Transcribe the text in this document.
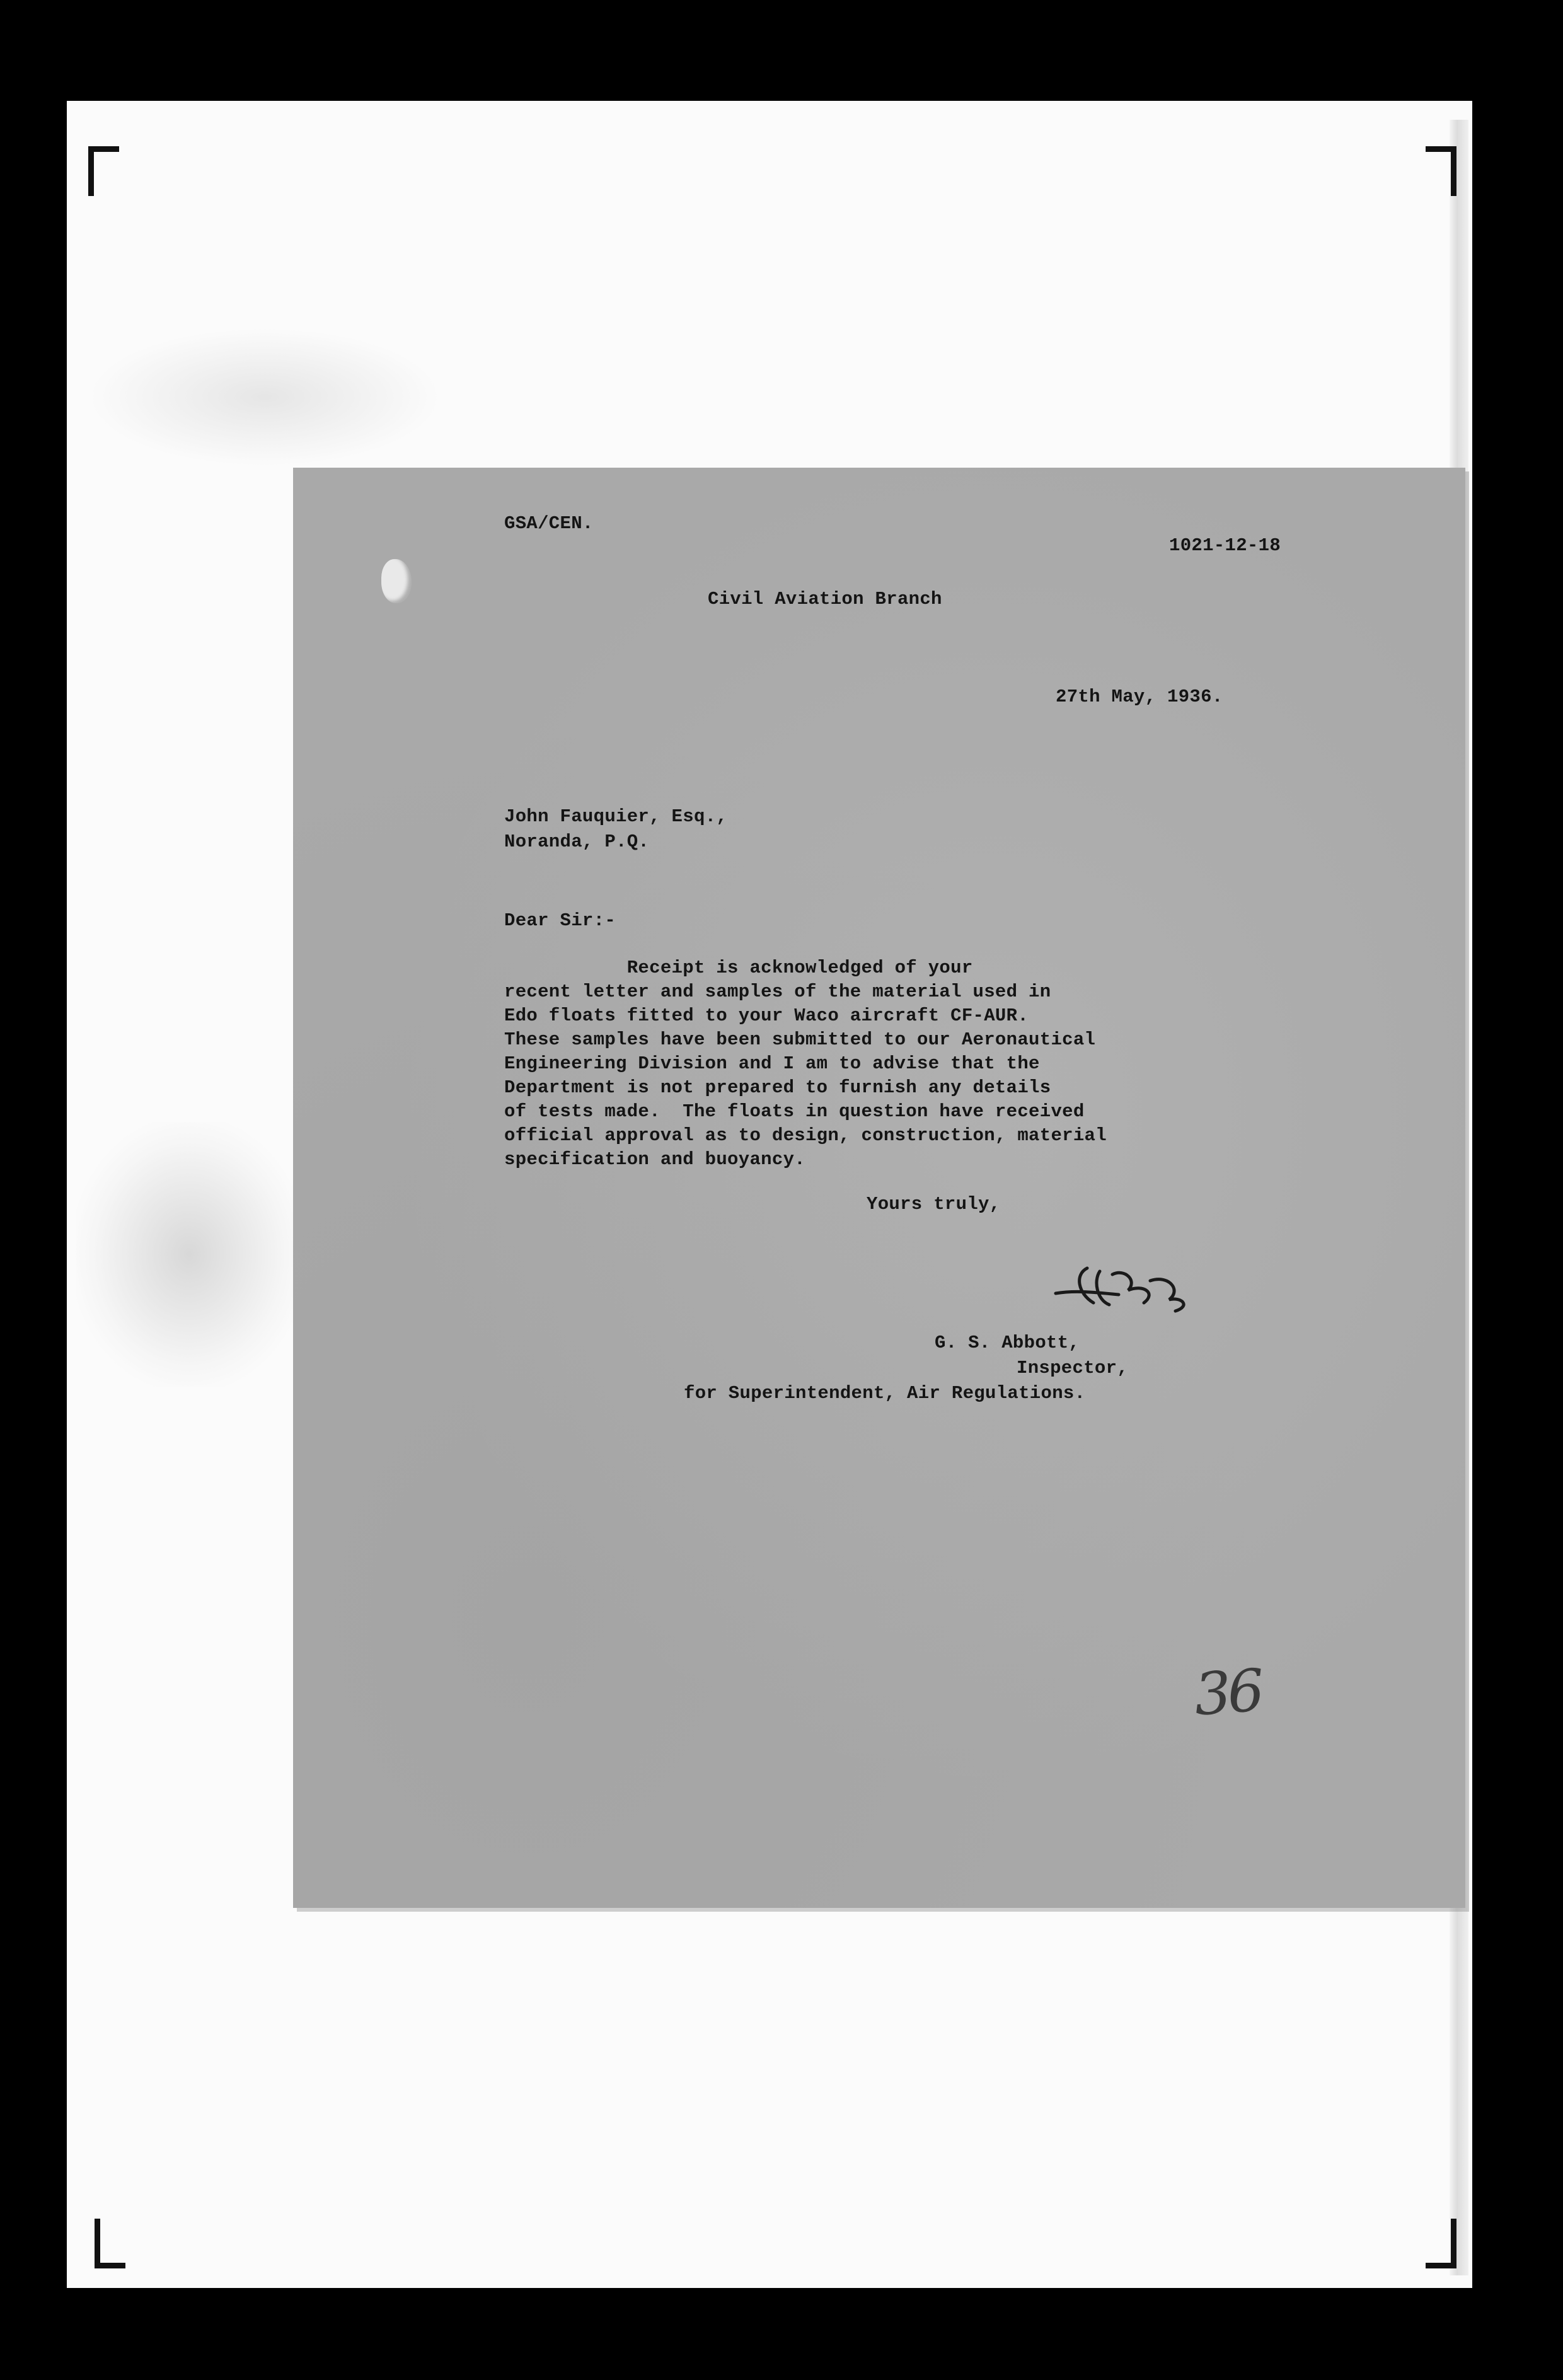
GSA/CEN.
1021-12-18
Civil Aviation Branch
27th May, 1936.
John Fauquier, Esq.,
Noranda, P.Q.
Dear Sir:-
Receipt is acknowledged of your
recent letter and samples of the material used in
Edo floats fitted to your Waco aircraft CF-AUR.
These samples have been submitted to our Aeronautical
Engineering Division and I am to advise that the
Department is not prepared to furnish any details
of tests made.  The floats in question have received
official approval as to design, construction, material
specification and buoyancy.
Yours truly,
G. S. Abbott,
Inspector,
for Superintendent, Air Regulations.
36
